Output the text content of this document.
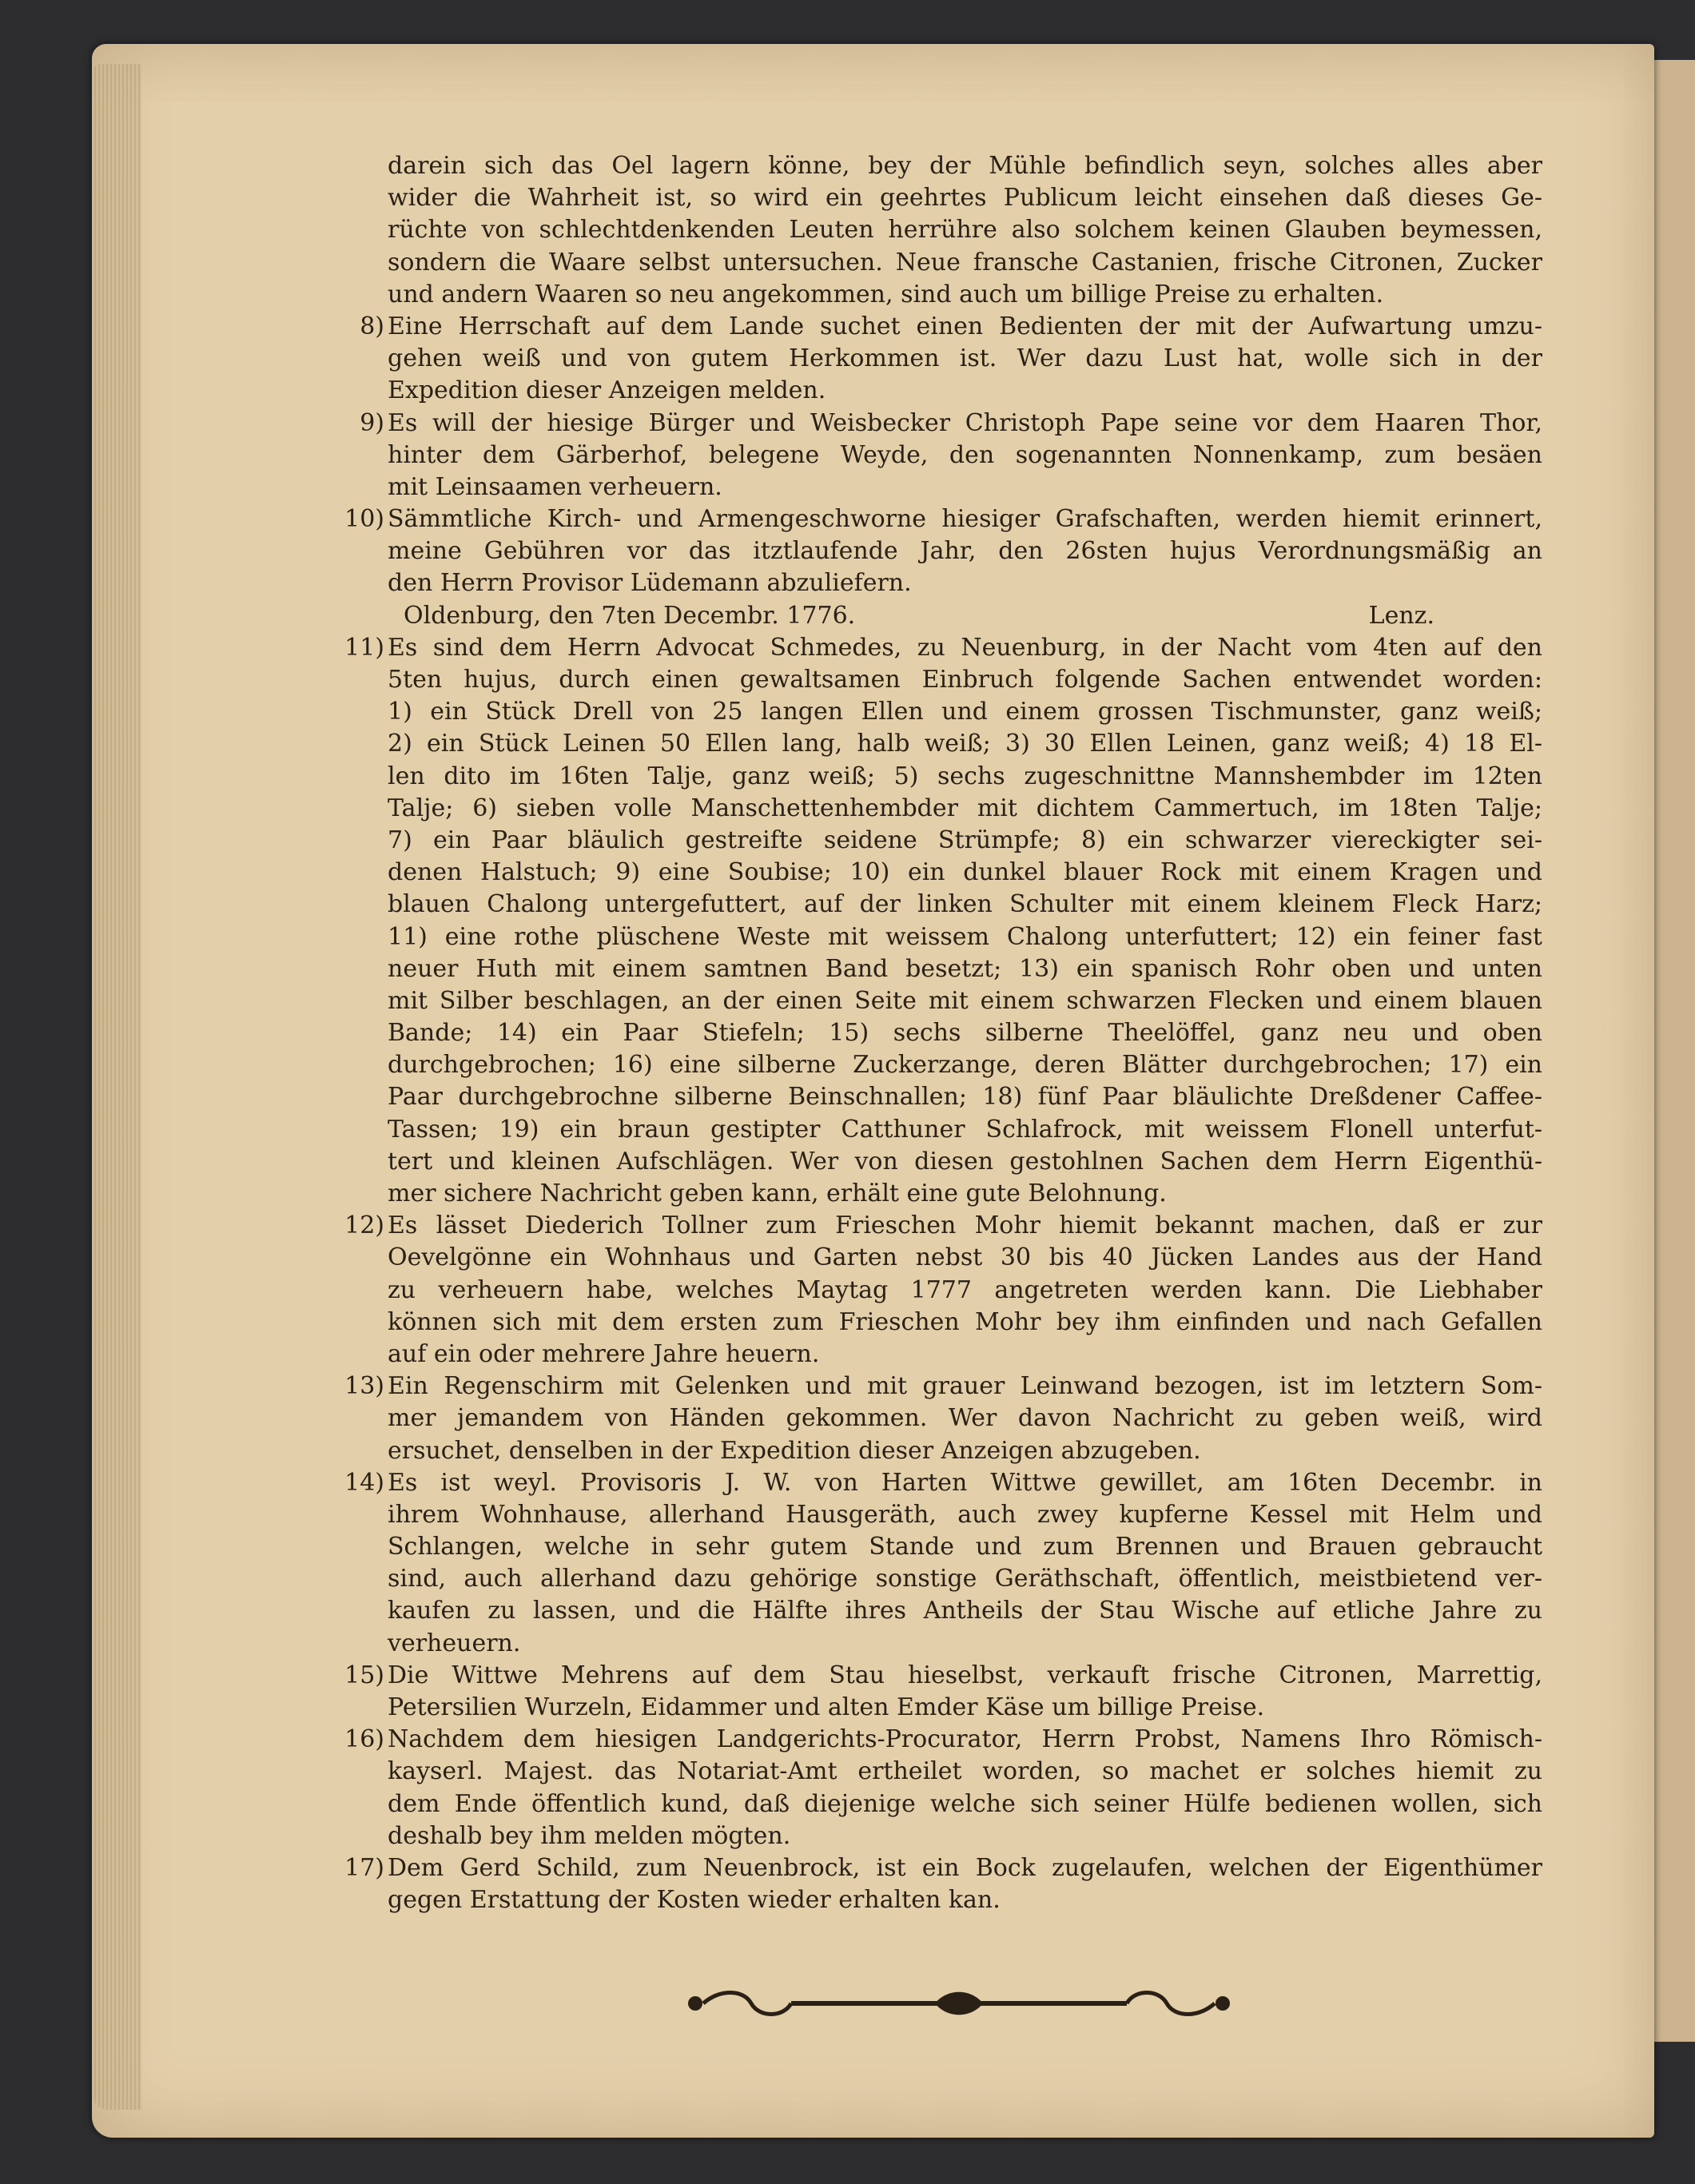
darein sich das Oel lagern könne, bey der Mühle befindlich seyn, solches alles aber
wider die Wahrheit ist, so wird ein geehrtes Publicum leicht einsehen daß dieses Ge-
rüchte von schlechtdenkenden Leuten herrühre also solchem keinen Glauben beymessen,
sondern die Waare selbst untersuchen. Neue fransche Castanien, frische Citronen, Zucker
und andern Waaren so neu angekommen, sind auch um billige Preise zu erhalten.
8) Eine Herrschaft auf dem Lande suchet einen Bedienten der mit der Aufwartung umzu-
gehen weiß und von gutem Herkommen ist. Wer dazu Lust hat, wolle sich in der
Expedition dieser Anzeigen melden.
9) Es will der hiesige Bürger und Weisbecker Christoph Pape seine vor dem Haaren Thor,
hinter dem Gärberhof, belegene Weyde, den sogenannten Nonnenkamp, zum besäen
mit Leinsaamen verheuern.
10) Sämmtliche Kirch- und Armengeschworne hiesiger Grafschaften, werden hiemit erinnert,
meine Gebühren vor das itztlaufende Jahr, den 26sten hujus Verordnungsmäßig an
den Herrn Provisor Lüdemann abzuliefern.
Oldenburg, den 7ten Decembr. 1776.	Lenz.
11) Es sind dem Herrn Advocat Schmedes, zu Neuenburg, in der Nacht vom 4ten auf den
5ten hujus, durch einen gewaltsamen Einbruch folgende Sachen entwendet worden:
1) ein Stück Drell von 25 langen Ellen und einem grossen Tischmunster, ganz weiß;
2) ein Stück Leinen 50 Ellen lang, halb weiß; 3) 30 Ellen Leinen, ganz weiß; 4) 18 El-
len dito im 16ten Talje, ganz weiß; 5) sechs zugeschnittne Mannshembder im 12ten
Talje; 6) sieben volle Manschettenhembder mit dichtem Cammertuch, im 18ten Talje;
7) ein Paar bläulich gestreifte seidene Strümpfe; 8) ein schwarzer viereckigter sei-
denen Halstuch; 9) eine Soubise; 10) ein dunkel blauer Rock mit einem Kragen und
blauen Chalong untergefuttert, auf der linken Schulter mit einem kleinem Fleck Harz;
11) eine rothe plüschene Weste mit weissem Chalong unterfuttert; 12) ein feiner fast
neuer Huth mit einem samtnen Band besetzt; 13) ein spanisch Rohr oben und unten
mit Silber beschlagen, an der einen Seite mit einem schwarzen Flecken und einem blauen
Bande; 14) ein Paar Stiefeln; 15) sechs silberne Theelöffel, ganz neu und oben
durchgebrochen; 16) eine silberne Zuckerzange, deren Blätter durchgebrochen; 17) ein
Paar durchgebrochne silberne Beinschnallen; 18) fünf Paar bläulichte Dreßdener Caffee-
Tassen; 19) ein braun gestipter Catthuner Schlafrock, mit weissem Flonell unterfut-
tert und kleinen Aufschlägen. Wer von diesen gestohlnen Sachen dem Herrn Eigenthü-
mer sichere Nachricht geben kann, erhält eine gute Belohnung.
12) Es lässet Diederich Tollner zum Frieschen Mohr hiemit bekannt machen, daß er zur
Oevelgönne ein Wohnhaus und Garten nebst 30 bis 40 Jücken Landes aus der Hand
zu verheuern habe, welches Maytag 1777 angetreten werden kann. Die Liebhaber
können sich mit dem ersten zum Frieschen Mohr bey ihm einfinden und nach Gefallen
auf ein oder mehrere Jahre heuern.
13) Ein Regenschirm mit Gelenken und mit grauer Leinwand bezogen, ist im letztern Som-
mer jemandem von Händen gekommen. Wer davon Nachricht zu geben weiß, wird
ersuchet, denselben in der Expedition dieser Anzeigen abzugeben.
14) Es ist weyl. Provisoris J. W. von Harten Wittwe gewillet, am 16ten Decembr. in
ihrem Wohnhause, allerhand Hausgeräth, auch zwey kupferne Kessel mit Helm und
Schlangen, welche in sehr gutem Stande und zum Brennen und Brauen gebraucht
sind, auch allerhand dazu gehörige sonstige Geräthschaft, öffentlich, meistbietend ver-
kaufen zu lassen, und die Hälfte ihres Antheils der Stau Wische auf etliche Jahre zu
verheuern.
15) Die Wittwe Mehrens auf dem Stau hieselbst, verkauft frische Citronen, Marrettig,
Petersilien Wurzeln, Eidammer und alten Emder Käse um billige Preise.
16) Nachdem dem hiesigen Landgerichts-Procurator, Herrn Probst, Namens Ihro Römisch-
kayserl. Majest. das Notariat-Amt ertheilet worden, so machet er solches hiemit zu
dem Ende öffentlich kund, daß diejenige welche sich seiner Hülfe bedienen wollen, sich
deshalb bey ihm melden mögten.
17) Dem Gerd Schild, zum Neuenbrock, ist ein Bock zugelaufen, welchen der Eigenthümer
gegen Erstattung der Kosten wieder erhalten kan.
